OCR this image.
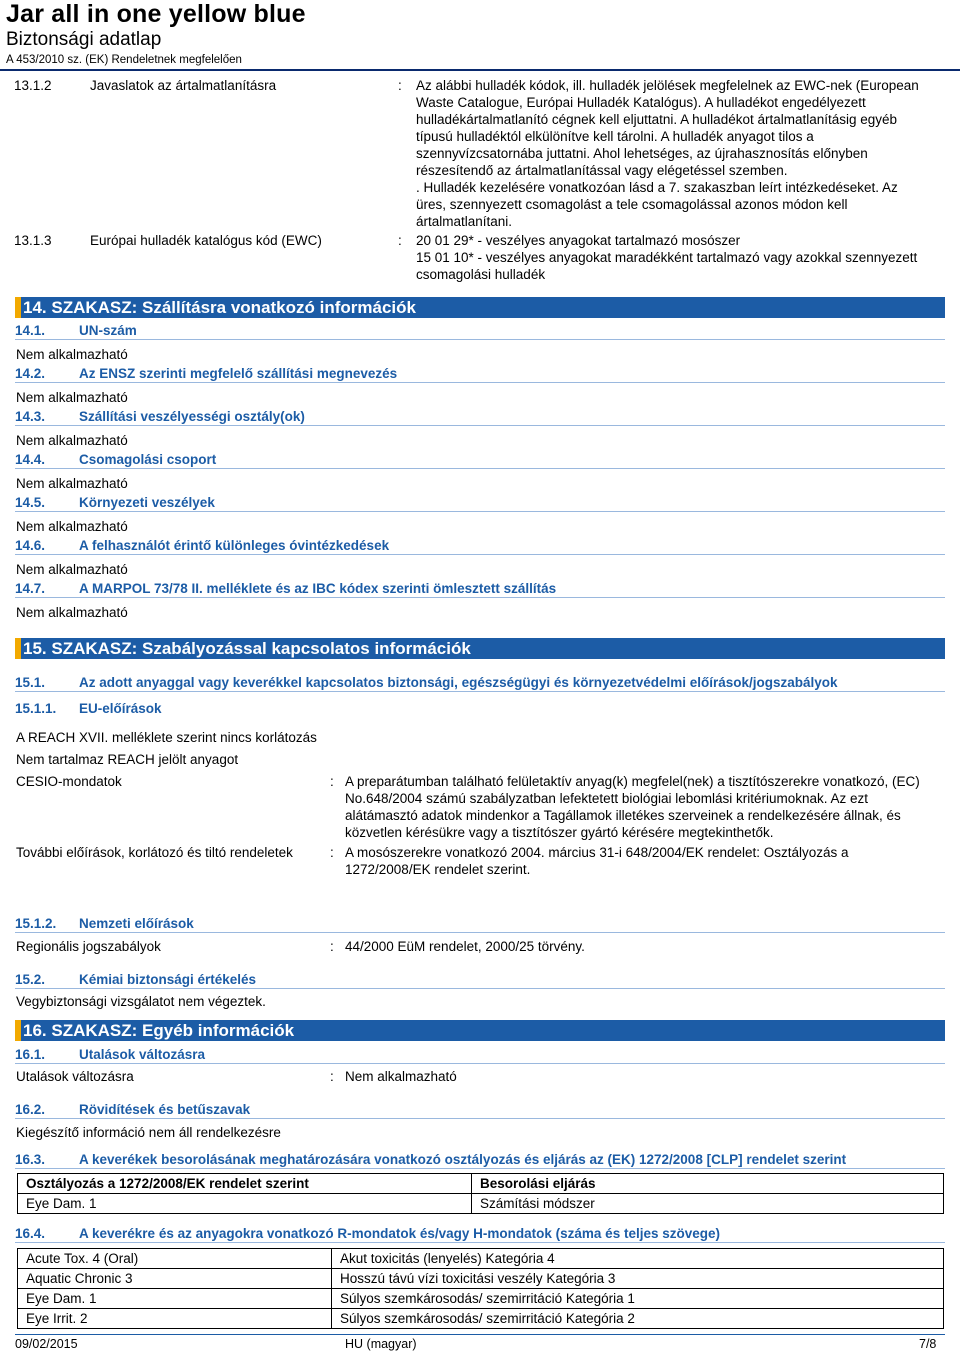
Jar all in one yellow blue
Biztonsági adatlap
A 453/2010 sz. (EK) Rendeletnek megfelelően
13.1.2	Javaslatok az ártalmatlanításra	: Az alábbi hulladék kódok, ill. hulladék jelölések megfelelnek az EWC-nek (European
Waste Catalogue, Európai Hulladék Katalógus). A hulladékot engedélyezett
hulladékártalmatlanító cégnek kell eljuttatni. A hulladékot ártalmatlanításig egyéb
típusú hulladéktól elkülönítve kell tárolni. A hulladék anyagot tilos a
szennyvízcsatornába juttatni. Ahol lehetséges, az újrahasznosítás előnyben
részesítendő az ártalmatlanítással vagy elégetéssel szemben.
. Hulladék kezelésére vonatkozóan lásd a 7. szakaszban leírt intézkedéseket. Az
üres, szennyezett csomagolást a tele csomagolással azonos módon kell
ártalmatlanítani.
13.1.3	Európai hulladék katalógus kód (EWC)	: 20 01 29* - veszélyes anyagokat tartalmazó mosószer
15 01 10* - veszélyes anyagokat maradékként tartalmazó vagy azokkal szennyezett
csomagolási hulladék
14. SZAKASZ: Szállításra vonatkozó információk
14.1.	UN-szám
Nem alkalmazható
14.2.	Az ENSZ szerinti megfelelő szállítási megnevezés
Nem alkalmazható
14.3.	Szállítási veszélyességi osztály(ok)
Nem alkalmazható
14.4.	Csomagolási csoport
Nem alkalmazható
14.5.	Környezeti veszélyek
Nem alkalmazható
14.6.	A felhasználót érintő különleges óvintézkedések
Nem alkalmazható
14.7.	A MARPOL 73/78 II. melléklete és az IBC kódex szerinti ömlesztett szállítás
Nem alkalmazható
15. SZAKASZ: Szabályozással kapcsolatos információk
15.1.	Az adott anyaggal vagy keverékkel kapcsolatos biztonsági, egészségügyi és környezetvédelmi előírások/jogszabályok
15.1.1. EU-előírások
A REACH XVII. melléklete szerint nincs korlátozás
Nem tartalmaz REACH jelölt anyagot
CESIO-mondatok	: A preparátumban található felületaktív anyag(k) megfelel(nek) a tisztítószerekre vonatkozó, (EC)
No.648/2004 számú szabályzatban lefektetett biológiai lebomlási kritériumoknak. Az ezt
alátámasztó adatok mindenkor a Tagállamok illetékes szerveinek a rendelkezésére állnak, és
közvetlen kérésükre vagy a tisztítószer gyártó kérésére megtekinthetők.
További előírások, korlátozó és tiltó rendeletek	: A mosószerekre vonatkozó 2004. március 31-i 648/2004/EK rendelet: Osztályozás a
1272/2008/EK rendelet szerint.
15.1.2. Nemzeti előírások
Regionális jogszabályok	: 44/2000 EüM rendelet, 2000/25 törvény.
15.2.	Kémiai biztonsági értékelés
Vegybiztonsági vizsgálatot nem végeztek.
16. SZAKASZ: Egyéb információk
16.1.	Utalások változásra
Utalások változásra	: Nem alkalmazható
16.2.	Rövidítések és betűszavak
Kiegészítő információ nem áll rendelkezésre
16.3.	A keverékek besorolásának meghatározására vonatkozó osztályozás és eljárás az (EK) 1272/2008 [CLP] rendelet szerint
Osztályozás a 1272/2008/EK rendelet szerint	Besorolási eljárás
Eye Dam. 1	Számítási módszer
16.4.	A keverékre és az anyagokra vonatkozó R-mondatok és/vagy H-mondatok (száma és teljes szövege)
Acute Tox. 4 (Oral)	Akut toxicitás (lenyelés) Kategória 4
Aquatic Chronic 3	Hosszú távú vízi toxicitási veszély Kategória 3
Eye Dam. 1	Súlyos szemkárosodás/ szemirritáció Kategória 1
Eye Irrit. 2	Súlyos szemkárosodás/ szemirritáció Kategória 2
09/02/2015	HU (magyar)	7/8
